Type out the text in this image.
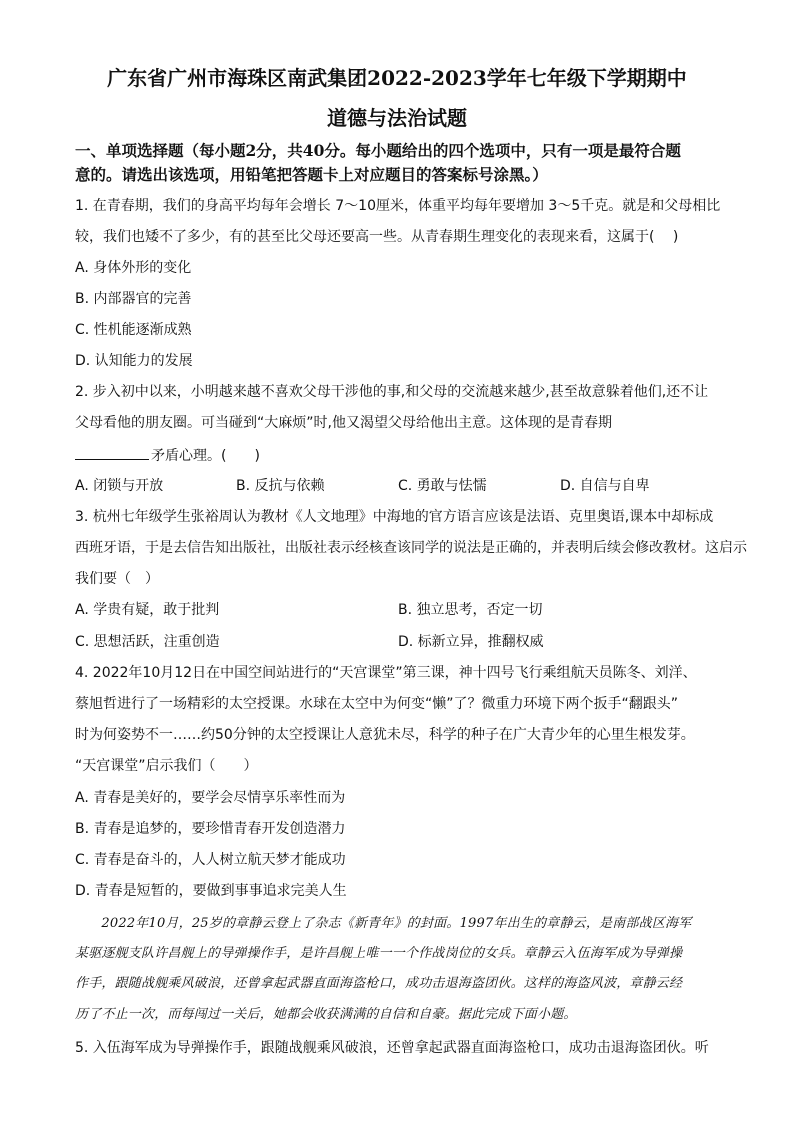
广东省广州市海珠区南武集团2022-2023学年七年级下学期期中
道德与法治试题
一、单项选择题（每小题2分，共40分。每小题给出的四个选项中，只有一项是最符合题
意的。请选出该选项，用铅笔把答题卡上对应题目的答案标号涂黑。）
1. 在青春期，我们的身高平均每年会增长 7～10厘米，体重平均每年要增加 3～5千克。就是和父母相比
较，我们也矮不了多少，有的甚至比父母还要高一些。从青春期生理变化的表现来看，这属于(　 )
A. 身体外形的变化
B. 内部器官的完善
C. 性机能逐渐成熟
D. 认知能力的发展
2. 步入初中以来，小明越来越不喜欢父母干涉他的事,和父母的交流越来越少,甚至故意躲着他们,还不让
父母看他的朋友圈。可当碰到“大麻烦”时,他又渴望父母给他出主意。这体现的是青春期
矛盾心理。(　　)
A. 闭锁与开放	B. 反抗与依赖	C. 勇敢与怯懦	D. 自信与自卑
3. 杭州七年级学生张裕周认为教材《人文地理》中海地的官方语言应该是法语、克里奥语,课本中却标成
西班牙语，于是去信告知出版社，出版社表示经核查该同学的说法是正确的，并表明后续会修改教材。这启示
我们要（　）
A. 学贵有疑，敢于批判	B. 独立思考，否定一切
C. 思想活跃，注重创造	D. 标新立异，推翻权威
4. 2022年10月12日在中国空间站进行的“天宫课堂”第三课，神十四号飞行乘组航天员陈冬、刘洋、
蔡旭哲进行了一场精彩的太空授课。水球在太空中为何变“懒”了？微重力环境下两个扳手“翻跟头”
时为何姿势不一……约50分钟的太空授课让人意犹未尽，科学的种子在广大青少年的心里生根发芽。
“天宫课堂”启示我们（　　）
A. 青春是美好的，要学会尽情享乐率性而为
B. 青春是追梦的，要珍惜青春开发创造潜力
C. 青春是奋斗的，人人树立航天梦才能成功
D. 青春是短暂的，要做到事事追求完美人生
　　2022年10月，25岁的章静云登上了杂志《新青年》的封面。1997年出生的章静云，是南部战区海军
某驱逐舰支队许昌舰上的导弹操作手，是许昌舰上唯一一个作战岗位的女兵。章静云入伍海军成为导弹操
作手，跟随战舰乘风破浪，还曾拿起武器直面海盗枪口，成功击退海盗团伙。这样的海盗风波，章静云经
历了不止一次，而每闯过一关后，她都会收获满满的自信和自豪。据此完成下面小题。
5. 入伍海军成为导弹操作手，跟随战舰乘风破浪，还曾拿起武器直面海盗枪口，成功击退海盗团伙。听
